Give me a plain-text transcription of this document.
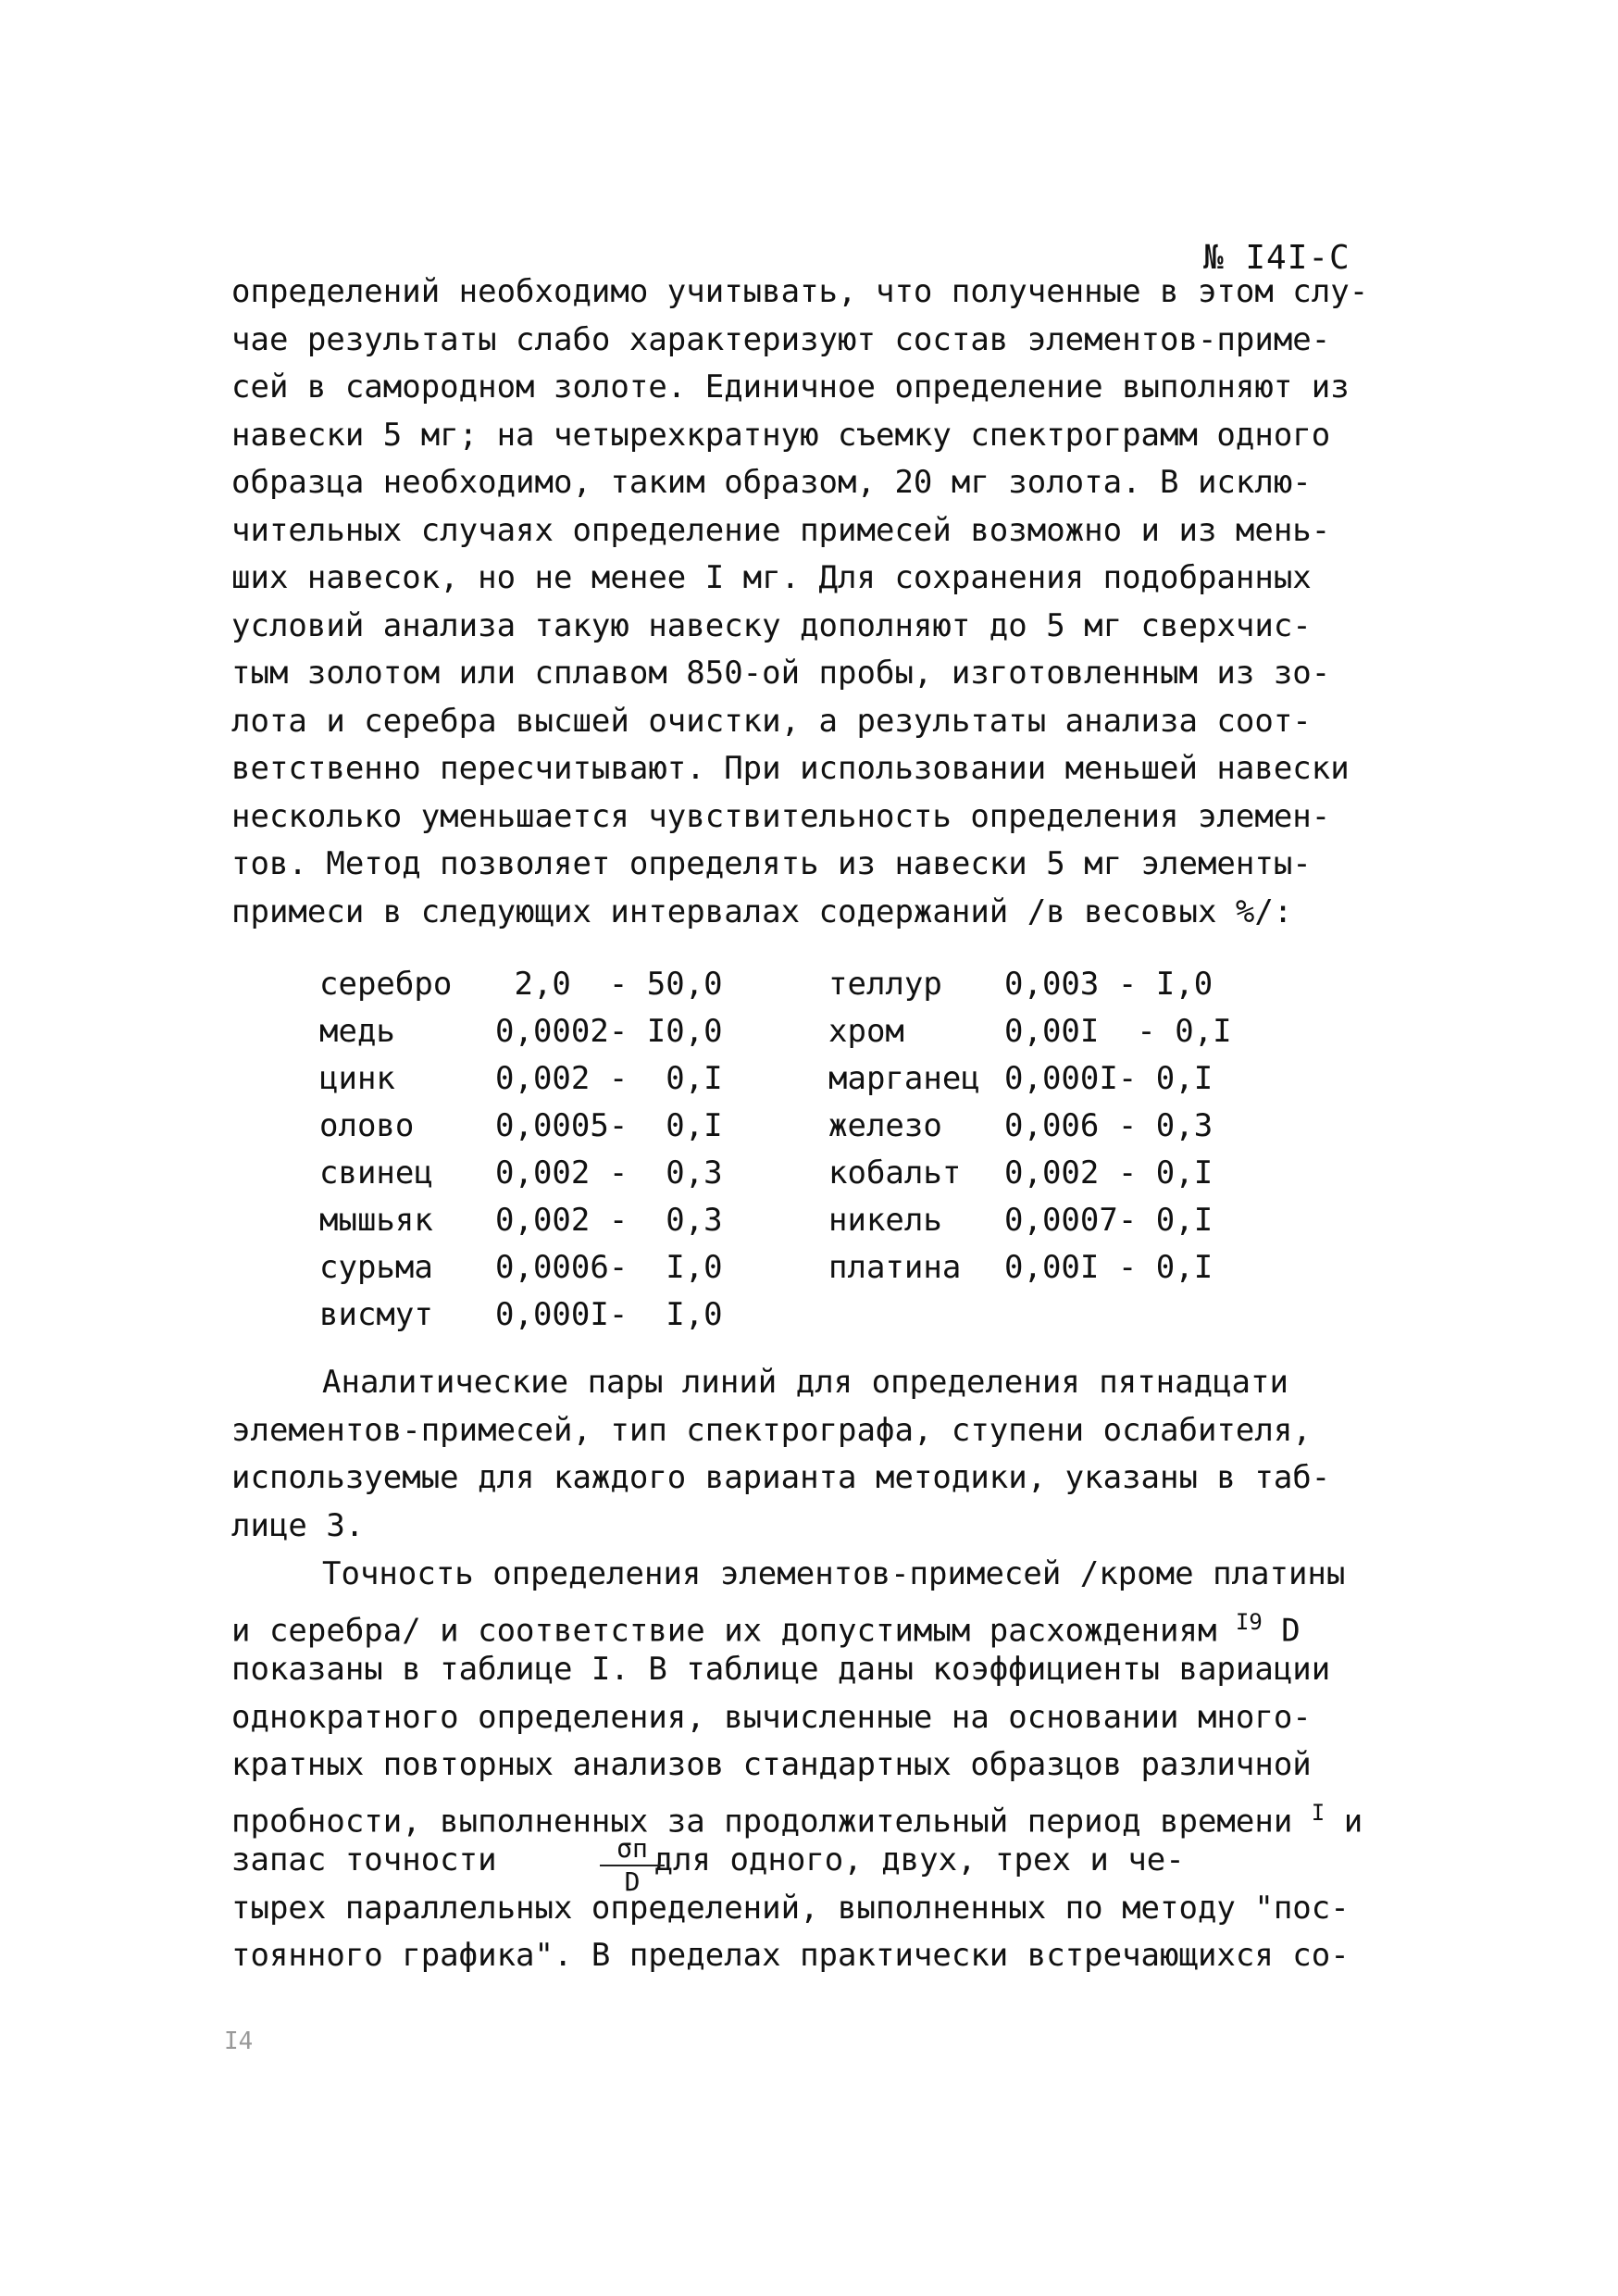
№ I4I-C
определений необходимо учитывать, что полученные в этом слу-
чае результаты слабо характеризуют состав элементов-приме-
сей в самородном золоте. Единичное определение выполняют из
навески 5 мг; на четырехкратную съемку спектрограмм одного
образца необходимо, таким образом, 20 мг золота. В исклю-
чительных случаях определение примесей возможно и из мень-
ших навесок, но не менее I мг. Для сохранения подобранных
условий анализа такую навеску дополняют до 5 мг сверхчис-
тым золотом или сплавом 850-ой пробы, изготовленным из зо-
лота и серебра высшей очистки, а результаты анализа соот-
ветственно пересчитывают. При использовании меньшей навески
несколько уменьшается чувствительность определения элемен-
тов. Метод позволяет определять из навески 5 мг элементы-
примеси в следующих интервалах содержаний /в весовых %/:
серебро	2,0  - 50,0	теллур	0,003 - I,0
медь	0,0002- I0,0	хром	0,00I  - 0,I
цинк	0,002 -  0,I	марганец	0,000I- 0,I
олово	0,0005-  0,I	железо	0,006 - 0,3
свинец	0,002 -  0,3	кобальт	0,002 - 0,I
мышьяк	0,002 -  0,3	никель	0,0007- 0,I
сурьма	0,0006-  I,0	платина	0,00I - 0,I
висмут	0,000I-  I,0		
Аналитические пары линий для определения пятнадцати
элементов-примесей, тип спектрографа, ступени ослабителя,
используемые для каждого варианта методики, указаны в таб-
лице 3.
Точность определения элементов-примесей /кроме платины
и серебра/ и соответствие их допустимым расхождениям $^{I9}$ D
показаны в таблице I. В таблице даны коэффициенты вариации
однократного определения, вычисленные на основании много-
кратных повторных анализов стандартных образцов различной
пробности, выполненных за продолжительный период времени $^I$ и
запас точности	для одного, двух, трех и че-
тырех параллельных определений, выполненных по методу "пос-
тоянного графика". В пределах практически встречающихся со-
σп
D
I4
